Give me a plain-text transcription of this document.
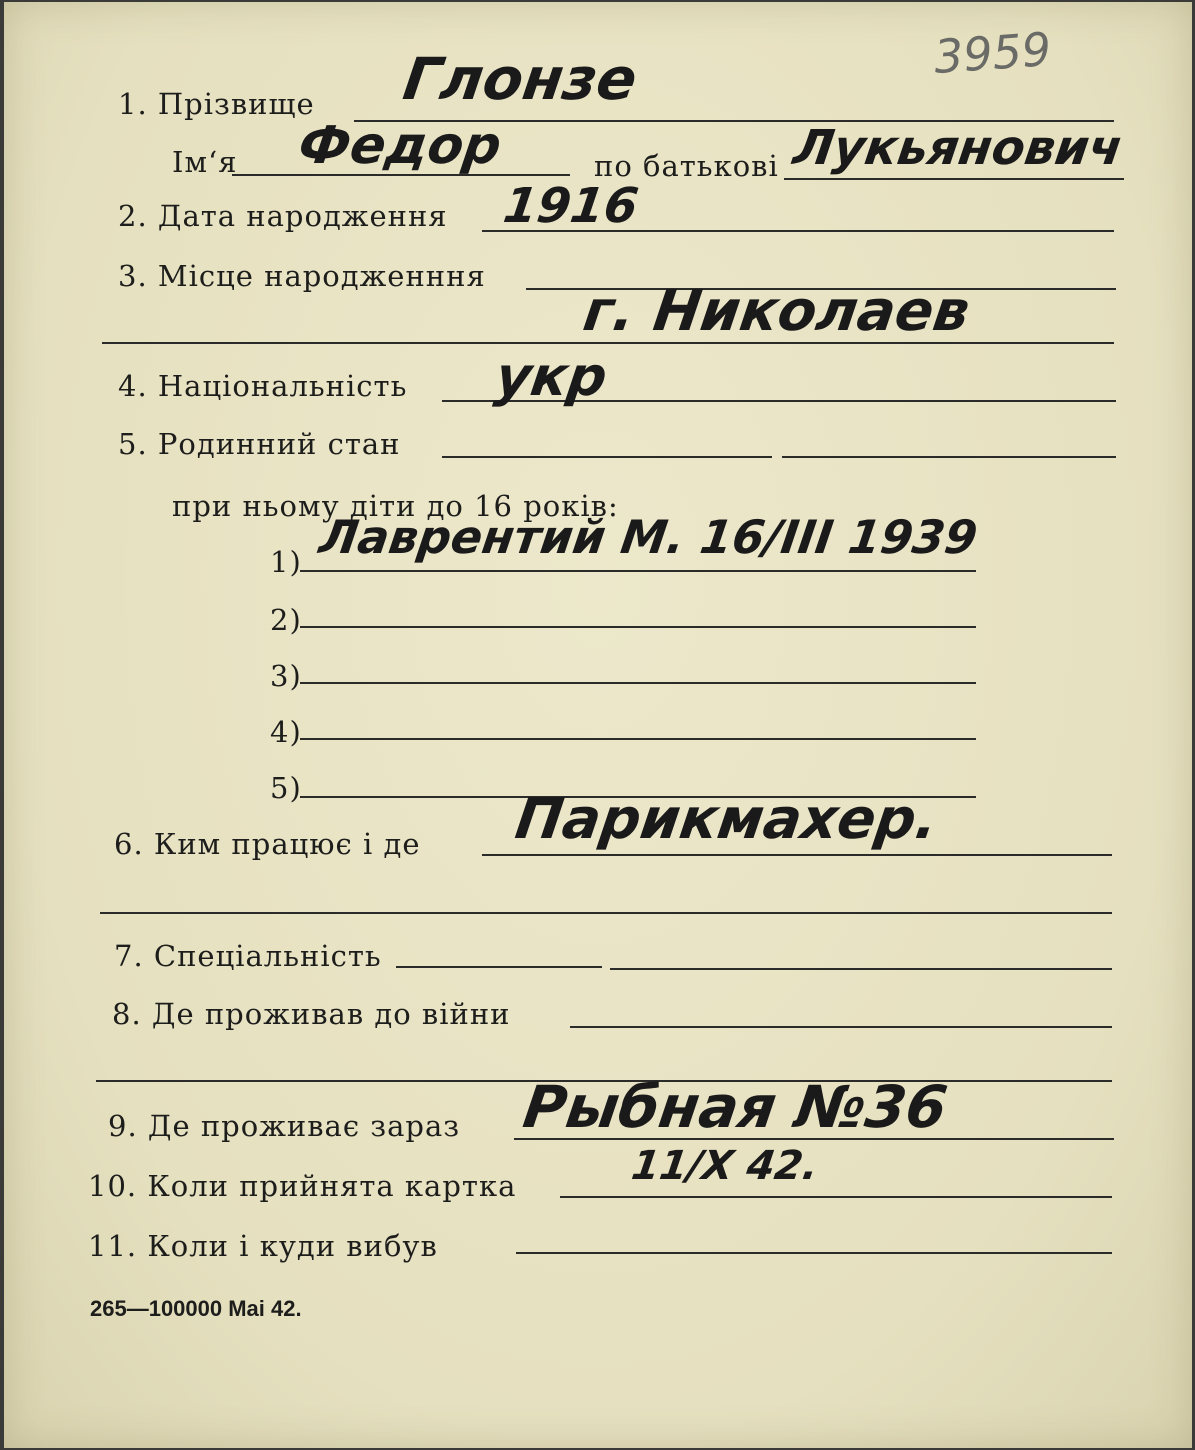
3959
1. Прізвище Глонзе
Ім‘я Федор	по батькові Лукьянович
2. Дата народження 1916
3. Місце народженння
г. Николаев
4. Національність укр
5. Родинний стан
при ньому діти до 16 років:
1) Лаврентий М. 16/III 1939
2)
3)
4)
5)
6. Ким працює і де Парикмахер.
7. Спеціальність
8. Де проживав до війни
9. Де проживає зараз Рыбная №36
10. Коли прийнята картка	11/X 42.
11. Коли і куди вибув
265—100000 Mai 42.
